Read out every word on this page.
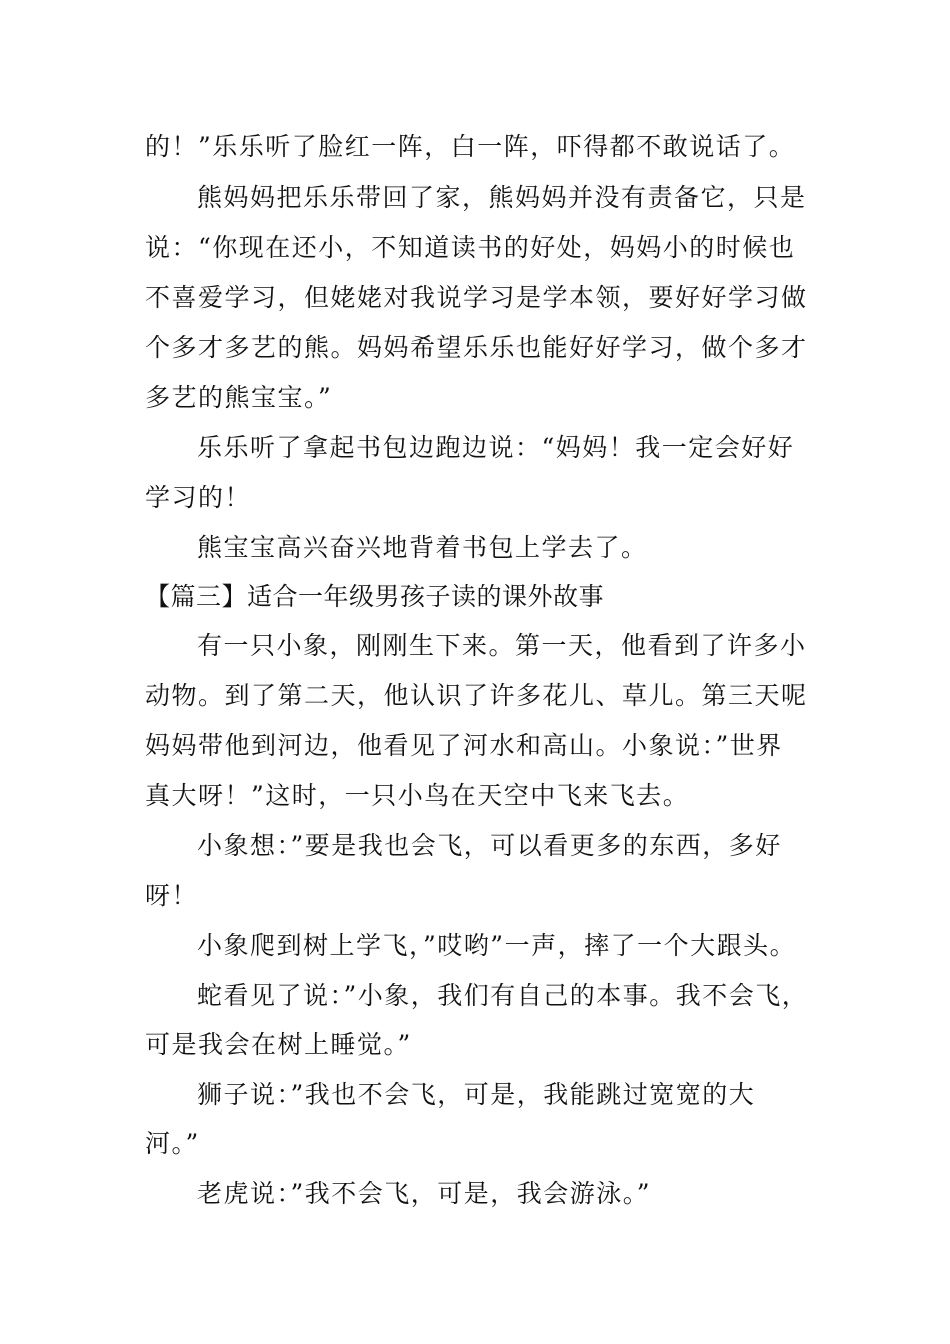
的！”乐乐听了脸红一阵，白一阵，吓得都不敢说话了。
熊妈妈把乐乐带回了家，熊妈妈并没有责备它，只是
说：“你现在还小，不知道读书的好处，妈妈小的时候也
不喜爱学习，但姥姥对我说学习是学本领，要好好学习做
个多才多艺的熊。妈妈希望乐乐也能好好学习，做个多才
多艺的熊宝宝。”
乐乐听了拿起书包边跑边说：“妈妈！我一定会好好
学习的！
熊宝宝高兴奋兴地背着书包上学去了。
【篇三】适合一年级男孩子读的课外故事
有一只小象，刚刚生下来。第一天，他看到了许多小
动物。到了第二天，他认识了许多花儿、草儿。第三天呢
妈妈带他到河边，他看见了河水和高山。小象说：”世界
真大呀！”这时，一只小鸟在天空中飞来飞去。
小象想：”要是我也会飞，可以看更多的东西，多好
呀！
小象爬到树上学飞，”哎哟”一声，摔了一个大跟头。
蛇看见了说：”小象，我们有自己的本事。我不会飞，
可是我会在树上睡觉。”
狮子说：”我也不会飞，可是，我能跳过宽宽的大
河。”
老虎说：”我不会飞，可是，我会游泳。”
